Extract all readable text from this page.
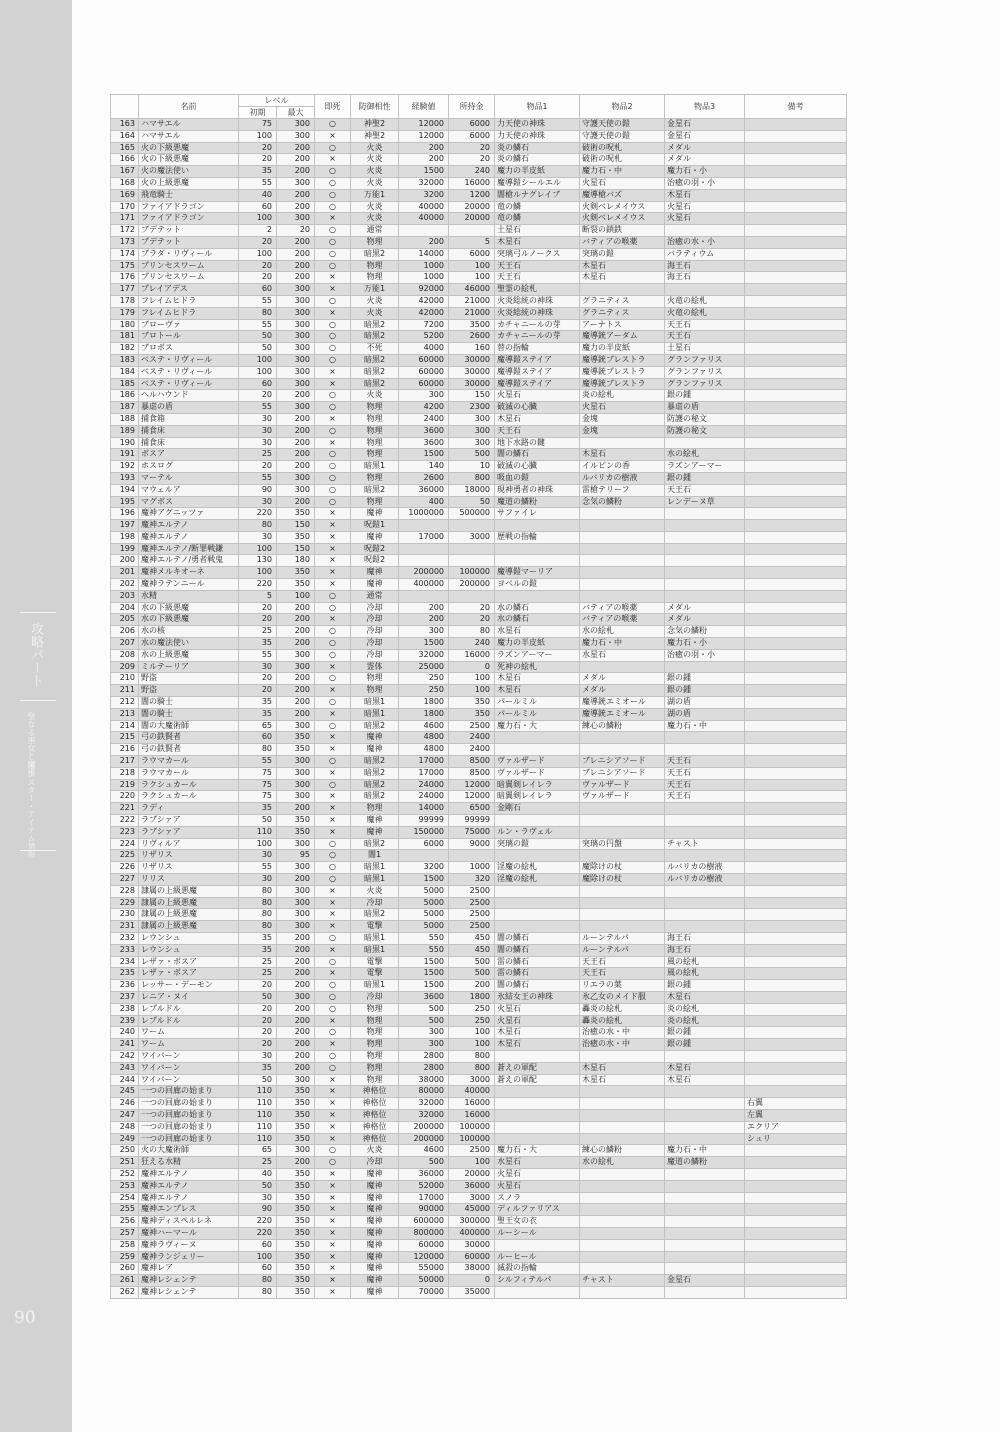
攻略パート
聖なる巫女と魔術
モンスター・アイテム情報
90
	名前	レベル		即死	防御相性	経験値	所持金	物品1	物品2	物品3	備考
		初期	最大								
163	ハマサエル	75	300	○	神聖2	12000	6000	力天使の神珠	守護天使の鎧	金星石	
164	ハマサエル	100	300	×	神聖2	12000	6000	力天使の神珠	守護天使の鎧	金星石	
165	火の下級悪魔	20	200	○	火炎	200	20	炎の鱗石	破術の呪札	メダル	
166	火の下級悪魔	20	200	×	火炎	200	20	炎の鱗石	破術の呪札	メダル	
167	火の魔法使い	35	200	○	火炎	1500	240	魔力の半皮紙	魔力石・中	魔力石・小	
168	火の上級悪魔	55	300	○	火炎	32000	16000	魔導鎧シールエル	火星石	治癒の羽・小	
169	飛竜騎士	40	200	○	万能1	3200	1200	闇槍ルナグレイブ	魔導槍バズ	木星石	
170	ファイアドラゴン	60	200	○	火炎	40000	20000	竜の鱗	火剣ベレメイウス	火星石	
171	ファイアドラゴン	100	300	×	火炎	40000	20000	竜の鱗	火剣ベレメイウス	火星石	
172	ブデテット	2	20	○	通常			土星石	断裂の鎖鉄		
173	ブデテット	20	200	○	物理	200	5	木星石	バティアの喉薬	治癒の水・小	
174	ブラダ・リヴィール	100	200	○	暗黒2	14000	6000	突璃弓ルノークス	突璃の鎧	バラティウム	
175	プリンセスワーム	20	200	○	物理	1000	100	天王石	木星石	海王石	
176	プリンセスワーム	20	200	×	物理	1000	100	天王石	木星石	海王石	
177	プレイアデス	60	300	×	万能1	92000	46000	聖霊の絵札			
178	フレイムヒドラ	55	300	○	火炎	42000	21000	火炎総統の神珠	グラニティス	火竜の絵札	
179	フレイムヒドラ	80	300	×	火炎	42000	21000	火炎総統の神珠	グラニティス	火竜の絵札	
180	ブローヴァ	55	300	○	暗黒2	7200	3500	カチャニールの芽	アーナトス	天王石	
181	ブロトール	50	300	○	暗黒2	5200	2600	カチャニールの芽	魔導銃アーダム	天王石	
182	ブロボス	50	300	○	不死	4000	160	替の指輪	魔力の半皮紙	土星石	
183	ベステ・リヴィール	100	300	○	暗黒2	60000	30000	魔導鎧ステイア	魔導銃プレストラ	グランファリス	
184	ベステ・リヴィール	100	300	×	暗黒2	60000	30000	魔導鎧ステイア	魔導銃プレストラ	グランファリス	
185	ベステ・リヴィール	60	300	×	暗黒2	60000	30000	魔導鎧ステイア	魔導銃プレストラ	グランファリス	
186	ヘルハウンド	20	200	○	火炎	300	150	火星石	炎の絵札	銀の鍾	
187	暴虐の盾	55	300	○	物理	4200	2300	破滅の心臓	火星石	暴虐の盾	
188	捕食箱	30	200	×	物理	2400	300	木星石	金塊	防護の秘文	
189	捕食床	30	200	○	物理	3600	300	天王石	金塊	防護の秘文	
190	捕食床	30	200	×	物理	3600	300	地下水路の鍵			
191	ボスア	25	200	○	物理	1500	500	闇の鱗石	木星石	水の絵札	
192	ホスログ	20	200	○	暗黒1	140	10	破滅の心臓	イルビンの香	ラズンアーマー	
193	マーテル	55	300	○	物理	2600	800	吸血の鎧	ルバリカの樹液	銀の鍾	
194	マウェルア	90	300	○	暗黒2	36000	18000	現神勇者の神珠	雷槍テリーフ	天王石	
195	マグボス	30	200	○	物理	400	50	魔道の鱗粉	念気の鱗粉	レンデーヌ草	
196	魔神アグニッツァ	220	350	×	魔神	1000000	500000	サファイレ			
197	魔神エルテノ	80	150	×	呪鎧1						
198	魔神エルテノ	30	350	×	魔神	17000	3000	歴戦の指輪			
199	魔神エルテノ/断罪戦鎌	100	150	×	呪鎧2						
200	魔神エルテノ/勇者戦鬼	130	180	×	呪鎧2						
201	魔神メルキオーネ	100	350	×	魔神	200000	100000	魔導鎧マーリア			
202	魔神ラテンニール	220	350	×	魔神	400000	200000	ヨベルの鎧			
203	水精	5	100	○	通常						
204	水の下級悪魔	20	200	○	冷却	200	20	水の鱗石	バティアの喉薬	メダル	
205	水の下級悪魔	20	200	×	冷却	200	20	水の鱗石	バティアの喉薬	メダル	
206	水の核	25	200	○	冷却	300	80	水星石	水の絵札	念気の鱗粉	
207	水の魔法使い	35	200	○	冷却	1500	240	魔力の半皮紙	魔力石・中	魔力石・小	
208	水の上級悪魔	55	300	○	冷却	32000	16000	ラズンアーマー	水星石	治癒の羽・小	
209	ミルテーリア	30	300	×	霊体	25000	0	死神の絵札			
210	野盗	20	200	○	物理	250	100	木星石	メダル	銀の鍾	
211	野盗	20	200	×	物理	250	100	木星石	メダル	銀の鍾	
212	闇の騎士	35	200	○	暗黒1	1800	350	パールミル	魔導銃エミオール	湖の盾	
213	闇の騎士	35	200	×	暗黒1	1800	350	パールミル	魔導銃エミオール	湖の盾	
214	闇の大魔術師	65	300	○	暗黒2	4600	2500	魔力石・大	練心の鱗粉	魔力石・中	
215	弓の鉄賢者	60	350	×	魔神	4800	2400				
216	弓の鉄賢者	80	350	×	魔神	4800	2400				
217	ラウマカール	55	300	○	暗黒2	17000	8500	ヴァルザード	ブレニシアソード	天王石	
218	ラウマカール	75	300	×	暗黒2	17000	8500	ヴァルザード	ブレニシアソード	天王石	
219	ラクシュカール	75	300	○	暗黒2	24000	12000	暗翼剣レイレラ	ヴァルザード	天王石	
220	ラクシュカール	75	300	×	暗黒2	24000	12000	暗翼剣レイレラ	ヴァルザード	天王石	
221	ラディ	35	200	×	物理	14000	6500	金剛石			
222	ラブシァア	50	350	×	魔神	99999	99999				
223	ラブシァア	110	350	×	魔神	150000	75000	ルン・ラヴェル			
224	リヴィルア	100	300	○	暗黒2	6000	9000	突璃の鎧	突璃の円盤	チャスト	
225	リザリス	30	95	○	闇1						
226	リザリス	55	300	○	暗黒1	3200	1000	淫魔の絵札	魔除けの杖	ルバリカの樹液	
227	リリス	30	200	○	暗黒1	1500	320	淫魔の絵札	魔除けの杖	ルバリカの樹液	
228	隷属の上級悪魔	80	300	×	火炎	5000	2500				
229	隷属の上級悪魔	80	300	×	冷却	5000	2500				
230	隷属の上級悪魔	80	300	×	暗黒2	5000	2500				
231	隷属の上級悪魔	80	300	×	電撃	5000	2500				
232	レウンシュ	35	200	○	暗黒1	550	450	闇の鱗石	ルーンテルパ	海王石	
233	レウンシュ	35	200	×	暗黒1	550	450	闇の鱗石	ルーンテルパ	海王石	
234	レザァ・ボスア	25	200	○	電撃	1500	500	雷の鱗石	天王石	風の絵札	
235	レザァ・ボスア	25	200	×	電撃	1500	500	雷の鱗石	天王石	風の絵札	
236	レッサー・デーモン	20	200	○	暗黒1	1500	200	闇の鱗石	リエラの葉	銀の鍾	
237	レニア・ヌイ	50	300	○	冷却	3600	1800	氷結女王の神珠	氷乙女のメイド服	木星石	
238	レプルドル	20	200	○	物理	500	250	火星石	轟炎の絵札	炎の絵札	
239	レプルドル	20	200	×	物理	500	250	火星石	轟炎の絵札	炎の絵札	
240	ワーム	20	200	○	物理	300	100	木星石	治癒の水・中	銀の鍾	
241	ワーム	20	200	×	物理	300	100	木星石	治癒の水・中	銀の鍾	
242	ワイバーン	30	200	○	物理	2800	800				
243	ワイバーン	35	200	○	物理	2800	800	蒼えの軍配	木星石	木星石	
244	ワイバーン	50	300	×	物理	38000	3000	蒼えの軍配	木星石	木星石	
245	一つの回廊の始まり	110	350	×	神格位	80000	40000				
246	一つの回廊の始まり	110	350	×	神格位	32000	16000				右翼
247	一つの回廊の始まり	110	350	×	神格位	32000	16000				左翼
248	一つの回廊の始まり	110	350	×	神格位	200000	100000				エクリア
249	一つの回廊の始まり	110	350	×	神格位	200000	100000				シュリ
250	火の大魔術師	65	300	○	火炎	4600	2500	魔力石・大	練心の鱗粉	魔力石・中	
251	狂える水精	25	200	○	冷却	500	100	水星石	水の絵札	魔道の鱗粉	
252	魔神エルテノ	40	350	×	魔神	36000	20000	火星石			
253	魔神エルテノ	50	350	×	魔神	52000	36000	火星石			
254	魔神エルテノ	30	350	×	魔神	17000	3000	スノラ			
255	魔神エンプレス	90	350	×	魔神	90000	45000	ディルファリアス			
256	魔神ディスペルレネ	220	350	×	魔神	600000	300000	聖王女の衣			
257	魔神ハーマール	220	350	×	魔神	800000	400000	ルーシール			
258	魔神ラヴィーヌ	60	350	×	魔神	60000	30000				
259	魔神ランジェリー	100	350	×	魔神	120000	60000	ルーヒール			
260	魔神レア	60	350	×	魔神	55000	38000	滅殺の指輪			
261	魔神レシェンテ	80	350	×	魔神	50000	0	シルフィテルパ	チャスト	金星石	
262	魔神レシェンテ	80	350	×	魔神	70000	35000				
